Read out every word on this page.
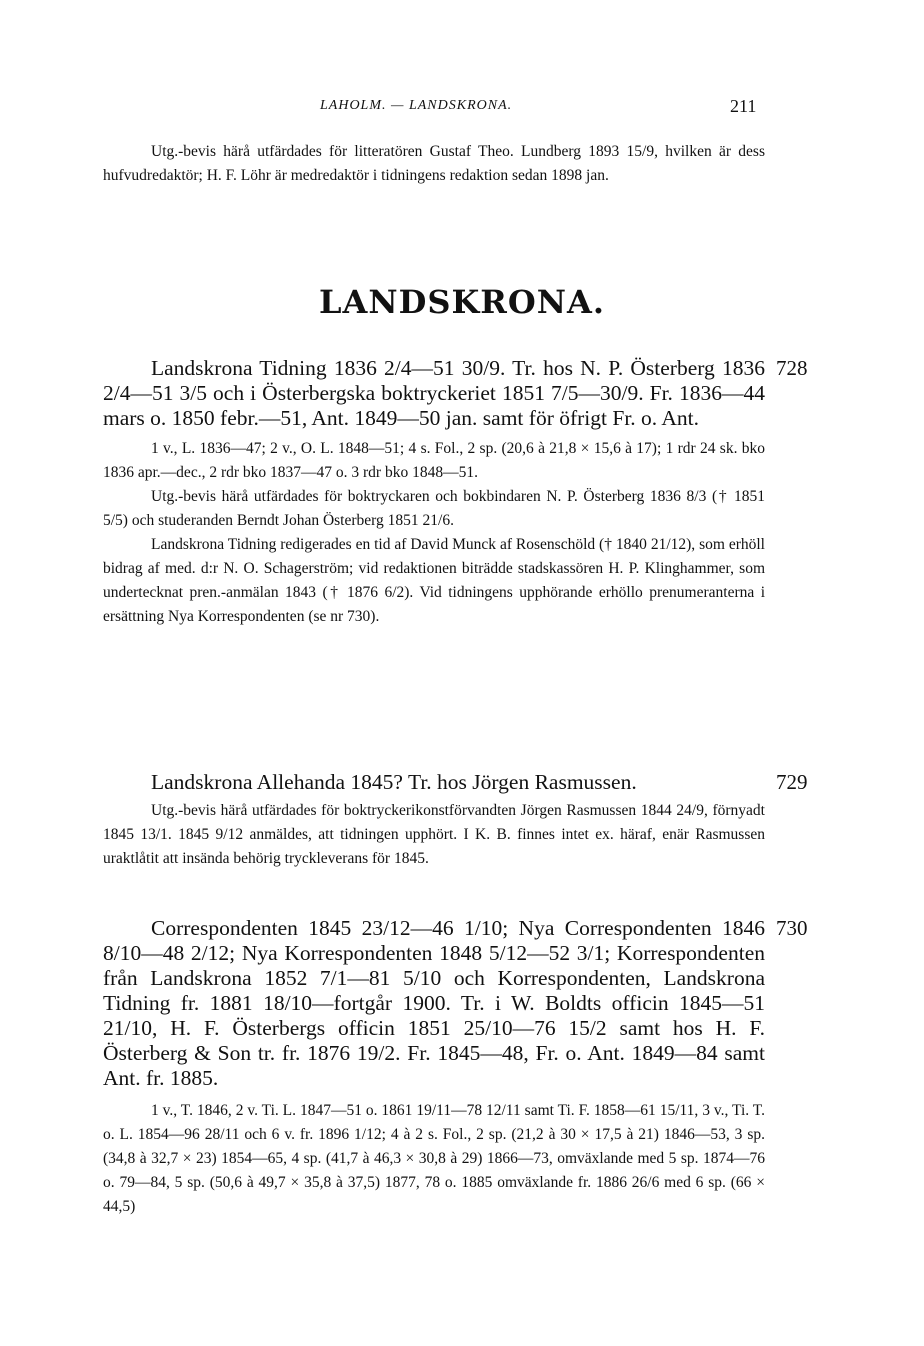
LAHOLM. — LANDSKRONA.	211

Utg.-bevis härå utfärdades för litteratören Gustaf Theo. Lundberg 1893 15/9, hvilken är dess hufvudredaktör; H. F. Löhr är medredaktör i tidningens redaktion sedan 1898 jan.

LANDSKRONA.
728

Landskrona Tidning 1836 2/4—51 30/9. Tr. hos N. P. Österberg 1836 2/4—51 3/5 och i Österbergska boktryckeriet 1851 7/5—30/9. Fr. 1836—44 mars o. 1850 febr.—51, Ant. 1849—50 jan. samt för öfrigt Fr. o. Ant.

1 v., L. 1836—47; 2 v., O. L. 1848—51; 4 s. Fol., 2 sp. (20,6 à 21,8 × 15,6 à 17); 1 rdr 24 sk. bko 1836 apr.—dec., 2 rdr bko 1837—47 o. 3 rdr bko 1848—51.

Utg.-bevis härå utfärdades för boktryckaren och bokbindaren N. P. Österberg 1836 8/3 († 1851 5/5) och studeranden Berndt Johan Österberg 1851 21/6.

Landskrona Tidning redigerades en tid af David Munck af Rosenschöld († 1840 21/12), som erhöll bidrag af med. d:r N. O. Schagerström; vid redaktionen biträdde stadskassören H. P. Klinghammer, som undertecknat pren.-anmälan 1843 († 1876 6/2). Vid tidningens upphörande erhöllo prenumeranterna i ersättning Nya Korrespondenten (se nr 730).

729

Landskrona Allehanda 1845? Tr. hos Jörgen Rasmussen.

Utg.-bevis härå utfärdades för boktryckerikonstförvandten Jörgen Rasmussen 1844 24/9, förnyadt 1845 13/1. 1845 9/12 anmäldes, att tidningen upphört. I K. B. finnes intet ex. häraf, enär Rasmussen uraktlåtit att insända behörig tryckleverans för 1845.

730

Correspondenten 1845 23/12—46 1/10; Nya Correspondenten 1846 8/10—48 2/12; Nya Korrespondenten 1848 5/12—52 3/1; Korrespondenten från Landskrona 1852 7/1—81 5/10 och Korrespondenten, Landskrona Tidning fr. 1881 18/10—fortgår 1900. Tr. i W. Boldts officin 1845—51 21/10, H. F. Österbergs officin 1851 25/10—76 15/2 samt hos H. F. Österberg & Son tr. fr. 1876 19/2. Fr. 1845—48, Fr. o. Ant. 1849—84 samt Ant. fr. 1885.

1 v., T. 1846, 2 v. Ti. L. 1847—51 o. 1861 19/11—78 12/11 samt Ti. F. 1858—61 15/11, 3 v., Ti. T. o. L. 1854—96 28/11 och 6 v. fr. 1896 1/12; 4 à 2 s. Fol., 2 sp. (21,2 à 30 × 17,5 à 21) 1846—53, 3 sp. (34,8 à 32,7 × 23) 1854—65, 4 sp. (41,7 à 46,3 × 30,8 à 29) 1866—73, omväxlande med 5 sp. 1874—76 o. 79—84, 5 sp. (50,6 à 49,7 × 35,8 à 37,5) 1877, 78 o. 1885 omväxlande fr. 1886 26/6 med 6 sp. (66 × 44,5)
